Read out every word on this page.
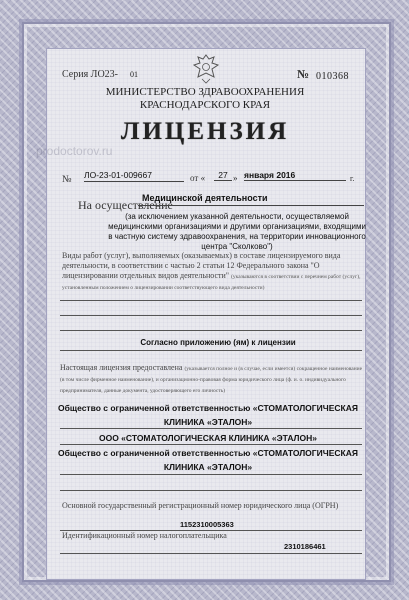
Серия ЛО23- 01	№ 010368
МИНИСТЕРСТВО ЗДРАВООХРАНЕНИЯ
КРАСНОДАРСКОГО КРАЯ
ЛИЦЕНЗИЯ
prodoctorov.ru
№ ЛО-23-01-009667	от «	27 » января 2016	г.
На осуществление
Медицинской деятельности
(за исключением указанной деятельности, осуществляемой медицинскими организациями и другими организациями, входящими в частную систему здравоохранения, на территории инновационного центра "Сколково")
Виды работ (услуг), выполняемых (оказываемых) в составе лицензируемого вида деятельности, в соответствии с частью 2 статьи 12 Федерального закона "О лицензировании отдельных видов деятельности" (указываются в соответствии с перечнем работ (услуг), установленным положением о лицензировании соответствующего вида деятельности)
Согласно приложению (ям) к лицензии
Настоящая лицензия предоставлена (указывается полное и (в случае, если имеется) сокращенное наименование (в том числе фирменное наименование), и организационно-правовая форма юридического лица (ф. и. о. индивидуального предпринимателя, данные документа, удостоверяющего его личность)
Общество с ограниченной ответственностью «СТОМАТОЛОГИЧЕСКАЯ
КЛИНИКА «ЭТАЛОН»
ООО «СТОМАТОЛОГИЧЕСКАЯ КЛИНИКА «ЭТАЛОН»
Общество с ограниченной ответственностью «СТОМАТОЛОГИЧЕСКАЯ
КЛИНИКА «ЭТАЛОН»
Основной государственный регистрационный номер юридического лица (ОГРН)
1152310005363
Идентификационный номер налогоплательщика
2310186461
